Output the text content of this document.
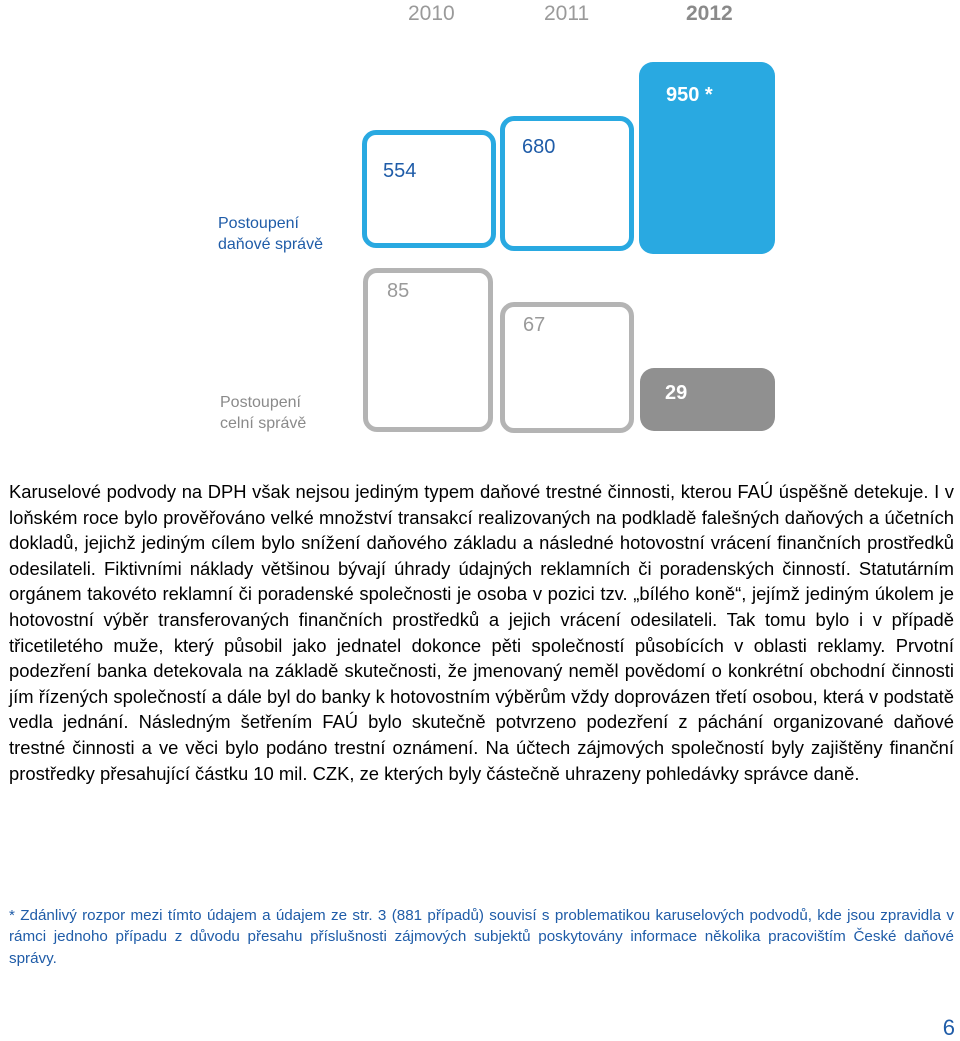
2010	2011	2012
Postoupení
daňové správě
Postoupení
celní správě
554
680
950 *
85
67
29

Karuselové podvody na DPH však nejsou jediným typem daňové trestné činnosti, kterou FAÚ úspěšně detekuje. I v loňském roce bylo prověřováno velké množství transakcí realizovaných na podkladě falešných daňových a účetních dokladů, jejichž jediným cílem bylo snížení daňového základu a následné hotovostní vrácení finančních prostředků odesilateli. Fiktivními náklady většinou bývají úhrady údajných reklamních či poradenských činností. Statutárním orgánem takovéto reklamní či poradenské společnosti je osoba v pozici tzv. „bílého koně“, jejímž jediným úkolem je hotovostní výběr transferovaných finančních prostředků a jejich vrácení odesilateli. Tak tomu bylo i v případě třicetiletého muže, který působil jako jednatel dokonce pěti společností působících v oblasti reklamy. Prvotní podezření banka detekovala na základě skutečnosti, že jmenovaný neměl povědomí o konkrétní obchodní činnosti jím řízených společností a dále byl do banky k hotovostním výběrům vždy doprovázen třetí osobou, která v podstatě vedla jednání. Následným šetřením FAÚ bylo skutečně potvrzeno podezření z páchání organizované daňové trestné činnosti a ve věci bylo podáno trestní oznámení. Na účtech zájmových společností byly zajištěny finanční prostředky přesahující částku 10 mil. CZK, ze kterých byly částečně uhrazeny pohledávky správce daně.

* Zdánlivý rozpor mezi tímto údajem a údajem ze str. 3 (881 případů) souvisí s problematikou karuselových podvodů, kde jsou zpravidla v rámci jednoho případu z důvodu přesahu příslušnosti zájmových subjektů poskytovány informace několika pracovištím České daňové správy.

6
